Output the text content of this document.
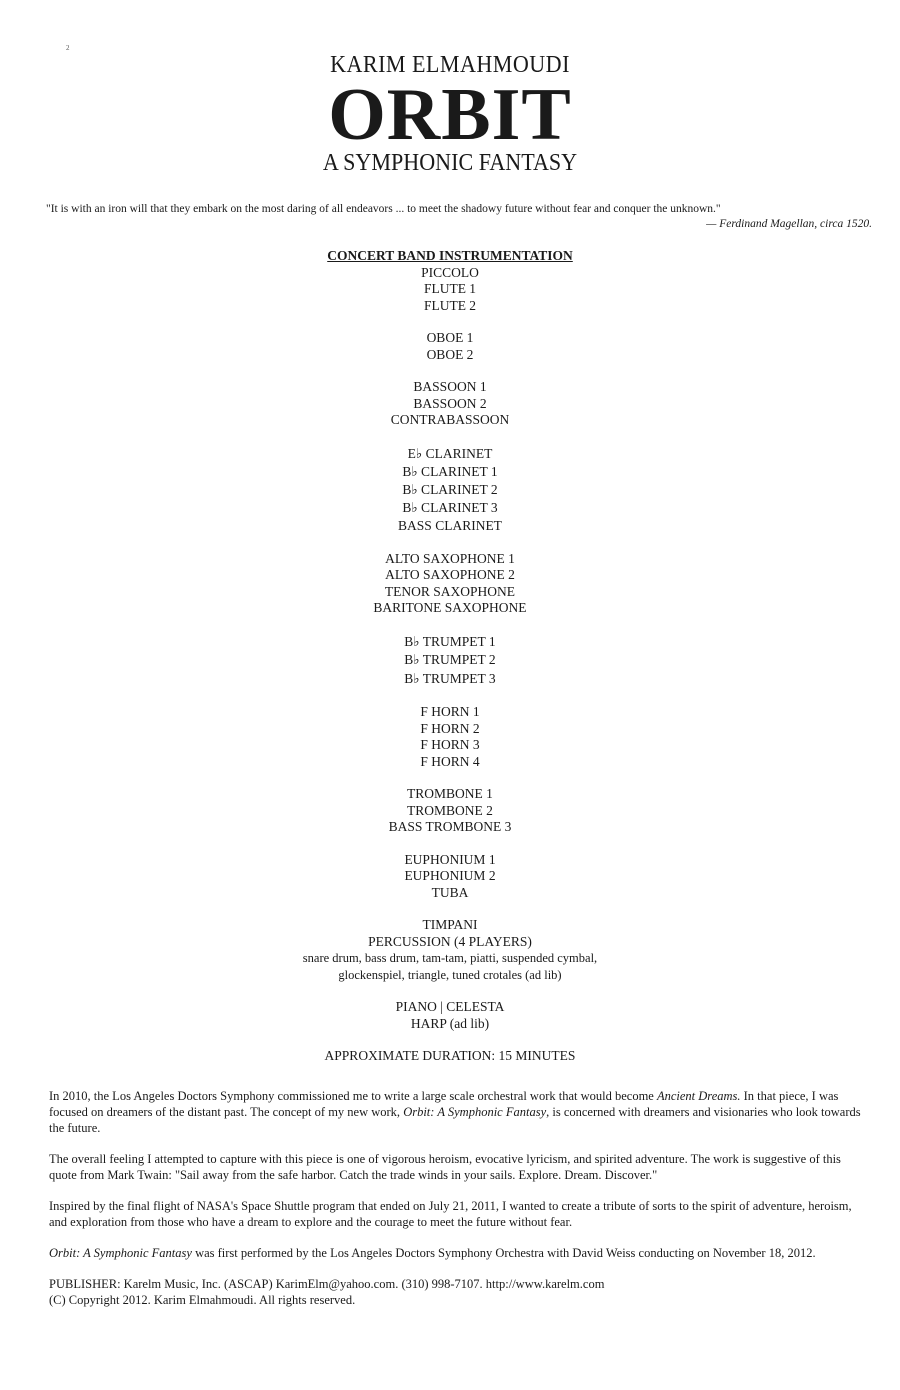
2
KARIM ELMAHMOUDI
ORBIT
A SYMPHONIC FANTASY
"It is with an iron will that they embark on the most daring of all endeavors ... to meet the shadowy future without fear and conquer the unknown."
— Ferdinand Magellan, circa 1520.
CONCERT BAND INSTRUMENTATION
PICCOLO
FLUTE 1
FLUTE 2
OBOE 1
OBOE 2
BASSOON 1
BASSOON 2
CONTRABASSOON
E♭ CLARINET
B♭ CLARINET 1
B♭ CLARINET 2
B♭ CLARINET 3
BASS CLARINET
ALTO SAXOPHONE 1
ALTO SAXOPHONE 2
TENOR SAXOPHONE
BARITONE SAXOPHONE
B♭ TRUMPET 1
B♭ TRUMPET 2
B♭ TRUMPET 3
F HORN 1
F HORN 2
F HORN 3
F HORN 4
TROMBONE 1
TROMBONE 2
BASS TROMBONE 3
EUPHONIUM 1
EUPHONIUM 2
TUBA
TIMPANI
PERCUSSION (4 PLAYERS)
snare drum, bass drum, tam-tam, piatti, suspended cymbal,
glockenspiel, triangle, tuned crotales (ad lib)
PIANO | CELESTA
HARP (ad lib)
APPROXIMATE DURATION: 15 MINUTES

In 2010, the Los Angeles Doctors Symphony commissioned me to write a large scale orchestral work that would become Ancient Dreams. In that piece, I was focused on dreamers of the distant past. The concept of my new work, Orbit: A Symphonic Fantasy, is concerned with dreamers and visionaries who look towards the future.

The overall feeling I attempted to capture with this piece is one of vigorous heroism, evocative lyricism, and spirited adventure. The work is suggestive of this quote from Mark Twain: "Sail away from the safe harbor. Catch the trade winds in your sails. Explore. Dream. Discover."

Inspired by the final flight of NASA's Space Shuttle program that ended on July 21, 2011, I wanted to create a tribute of sorts to the spirit of adventure, heroism, and exploration from those who have a dream to explore and the courage to meet the future without fear.

Orbit: A Symphonic Fantasy was first performed by the Los Angeles Doctors Symphony Orchestra with David Weiss conducting on November 18, 2012.

PUBLISHER: Karelm Music, Inc. (ASCAP) KarimElm@yahoo.com. (310) 998-7107. http://www.karelm.com

(C) Copyright 2012. Karim Elmahmoudi. All rights reserved.
